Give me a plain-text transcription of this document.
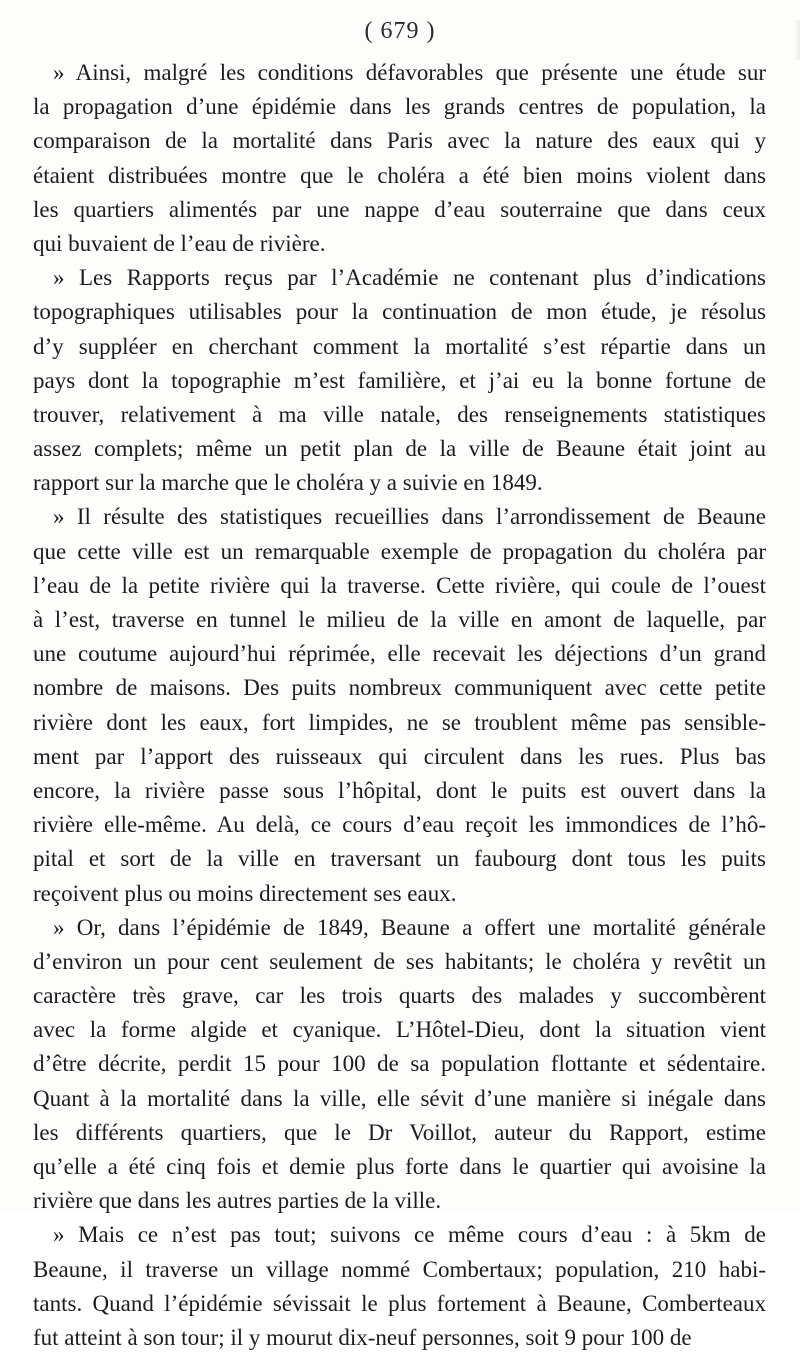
( 679 )
» Ainsi, malgré les conditions défavorables que présente une étude sur
la propagation d’une épidémie dans les grands centres de population, la
comparaison de la mortalité dans Paris avec la nature des eaux qui y
étaient distribuées montre que le choléra a été bien moins violent dans
les quartiers alimentés par une nappe d’eau souterraine que dans ceux
qui buvaient de l’eau de rivière.
» Les Rapports reçus par l’Académie ne contenant plus d’indications
topographiques utilisables pour la continuation de mon étude, je résolus
d’y suppléer en cherchant comment la mortalité s’est répartie dans un
pays dont la topographie m’est familière, et j’ai eu la bonne fortune de
trouver, relativement à ma ville natale, des renseignements statistiques
assez complets; même un petit plan de la ville de Beaune était joint au
rapport sur la marche que le choléra y a suivie en 1849.
» Il résulte des statistiques recueillies dans l’arrondissement de Beaune
que cette ville est un remarquable exemple de propagation du choléra par
l’eau de la petite rivière qui la traverse. Cette rivière, qui coule de l’ouest
à l’est, traverse en tunnel le milieu de la ville en amont de laquelle, par
une coutume aujourd’hui réprimée, elle recevait les déjections d’un grand
nombre de maisons. Des puits nombreux communiquent avec cette petite
rivière dont les eaux, fort limpides, ne se troublent même pas sensible-
ment par l’apport des ruisseaux qui circulent dans les rues. Plus bas
encore, la rivière passe sous l’hôpital, dont le puits est ouvert dans la
rivière elle-même. Au delà, ce cours d’eau reçoit les immondices de l’hô-
pital et sort de la ville en traversant un faubourg dont tous les puits
reçoivent plus ou moins directement ses eaux.
» Or, dans l’épidémie de 1849, Beaune a offert une mortalité générale
d’environ un pour cent seulement de ses habitants; le choléra y revêtit un
caractère très grave, car les trois quarts des malades y succombèrent
avec la forme algide et cyanique. L’Hôtel-Dieu, dont la situation vient
d’être décrite, perdit 15 pour 100 de sa population flottante et sédentaire.
Quant à la mortalité dans la ville, elle sévit d’une manière si inégale dans
les différents quartiers, que le Dr Voillot, auteur du Rapport, estime
qu’elle a été cinq fois et demie plus forte dans le quartier qui avoisine la
rivière que dans les autres parties de la ville.
» Mais ce n’est pas tout; suivons ce même cours d’eau : à 5km de
Beaune, il traverse un village nommé Combertaux; population, 210 habi-
tants. Quand l’épidémie sévissait le plus fortement à Beaune, Comberteaux
fut atteint à son tour; il y mourut dix-neuf personnes, soit 9 pour 100 de
